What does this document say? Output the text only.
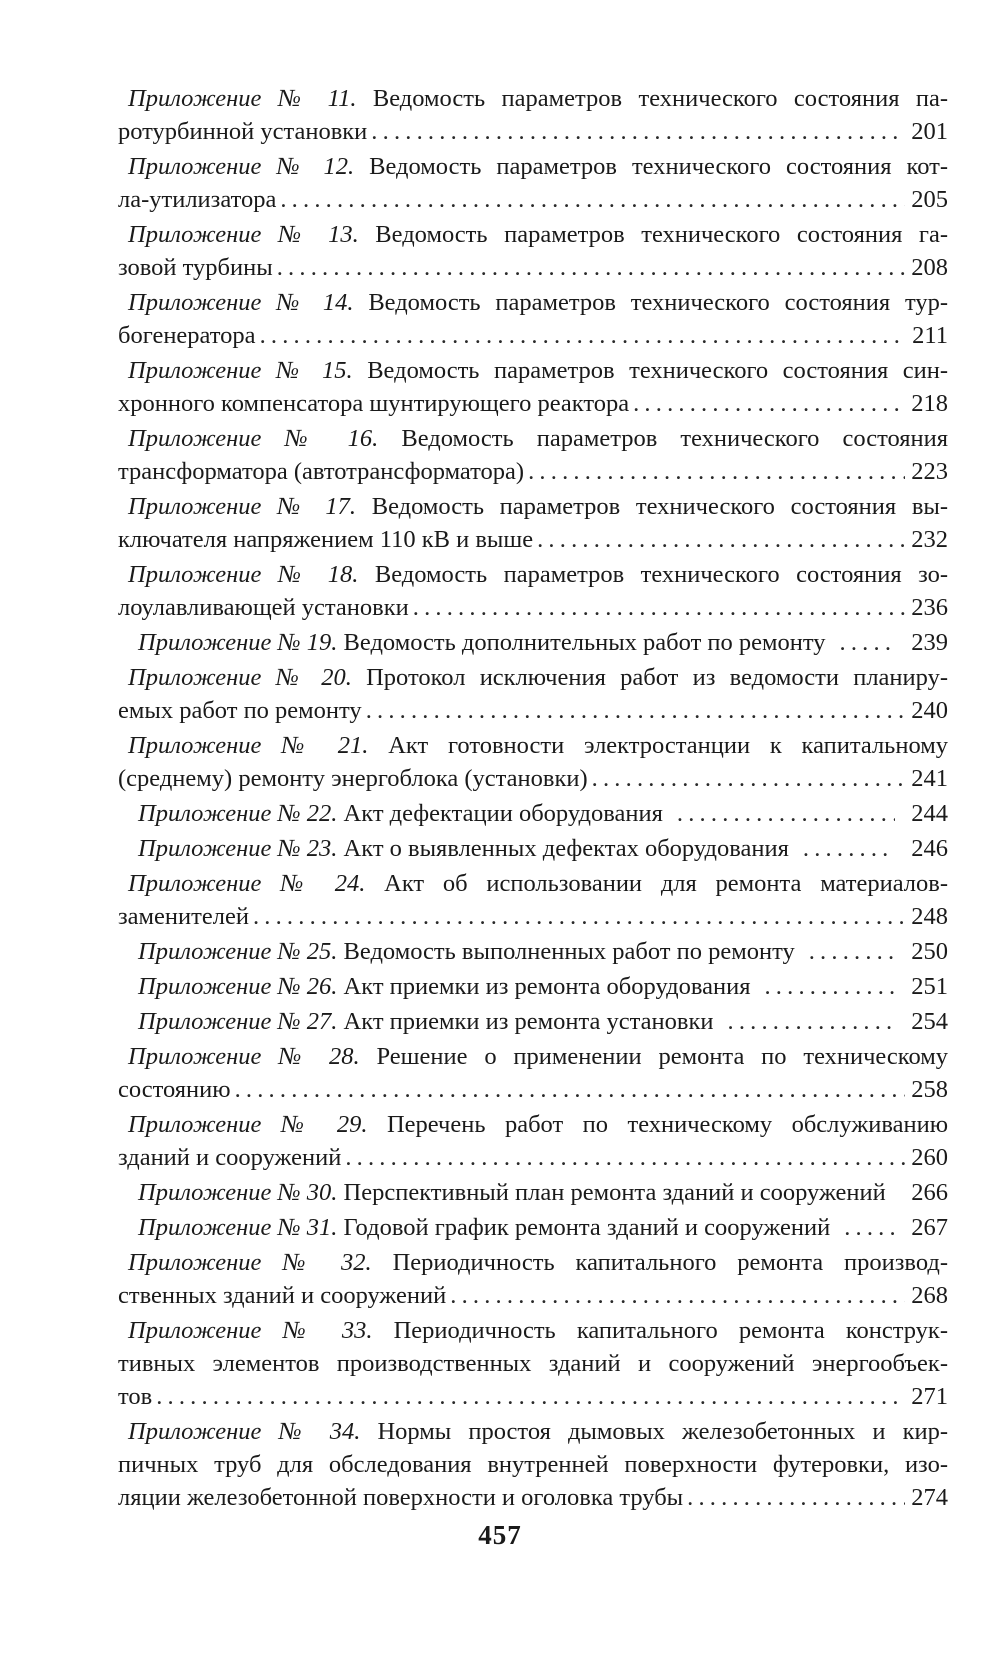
Приложение № 11. Ведомость параметров технического состояния па-
ротурбинной установки .....	201
Приложение № 12. Ведомость параметров технического состояния кот-
ла-утилизатора .....	205
Приложение № 13. Ведомость параметров технического состояния га-
зовой турбины .....	208
Приложение № 14. Ведомость параметров технического состояния тур-
богенератора .....	211
Приложение № 15. Ведомость параметров технического состояния син-
хронного компенсатора шунтирующего реактора .....	218
Приложение № 16. Ведомость параметров технического состояния
трансформатора (автотрансформатора) .....	223
Приложение № 17. Ведомость параметров технического состояния вы-
ключателя напряжением 110 кВ и выше .....	232
Приложение № 18. Ведомость параметров технического состояния зо-
лоулавливающей установки .....	236
Приложение № 19. Ведомость дополнительных работ по ремонту .....	239
Приложение № 20. Протокол исключения работ из ведомости планиру-
емых работ по ремонту .....	240
Приложение № 21. Акт готовности электростанции к капитальному
(среднему) ремонту энергоблока (установки) .....	241
Приложение № 22. Акт дефектации оборудования .....	244
Приложение № 23. Акт о выявленных дефектах оборудования .....	246
Приложение № 24. Акт об использовании для ремонта материалов-
заменителей .....	248
Приложение № 25. Ведомость выполненных работ по ремонту .....	250
Приложение № 26. Акт приемки из ремонта оборудования .....	251
Приложение № 27. Акт приемки из ремонта установки .....	254
Приложение № 28. Решение о применении ремонта по техническому
состоянию .....	258
Приложение № 29. Перечень работ по техническому обслуживанию
зданий и сооружений .....	260
Приложение № 30. Перспективный план ремонта зданий и сооружений .....	266
Приложение № 31. Годовой график ремонта зданий и сооружений .....	267
Приложение № 32. Периодичность капитального ремонта производ-
ственных зданий и сооружений .....	268
Приложение № 33. Периодичность капитального ремонта конструк-
тивных элементов производственных зданий и сооружений энергообъек-
тов .....	271
Приложение № 34. Нормы простоя дымовых железобетонных и кир-
пичных труб для обследования внутренней поверхности футеровки, изо-
ляции железобетонной поверхности и оголовка трубы .....	274
457
